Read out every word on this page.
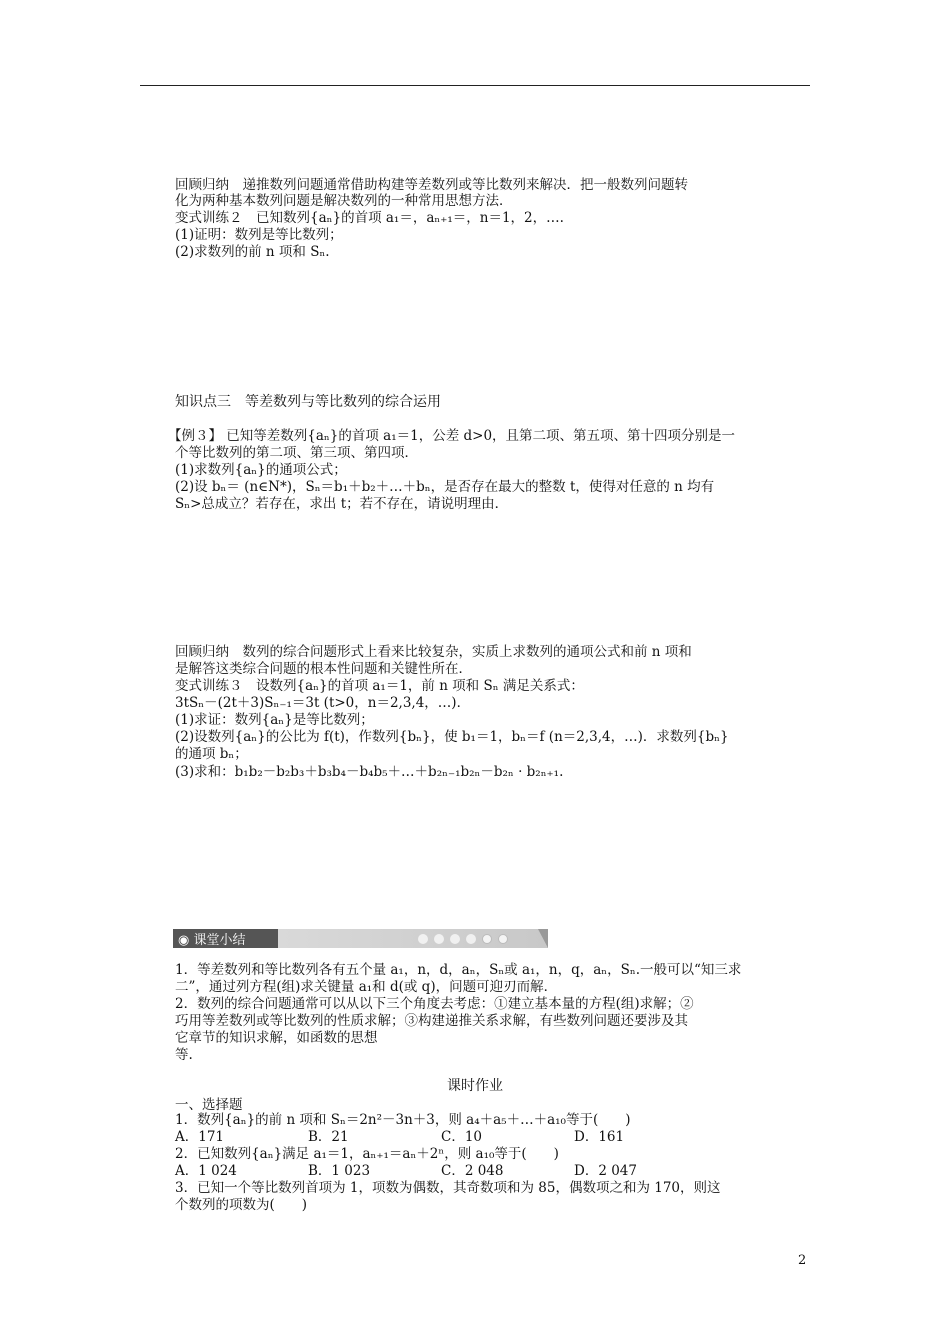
回顾归纳　递推数列问题通常借助构建等差数列或等比数列来解决．把一般数列问题转
化为两种基本数列问题是解决数列的一种常用思想方法．
变式训练２　已知数列{aₙ}的首项 a₁＝，aₙ₊₁＝，n＝1，2，….
(1)证明：数列是等比数列；
(2)求数列的前 n 项和 Sₙ.
知识点三　等差数列与等比数列的综合运用
【例３】 已知等差数列{aₙ}的首项 a₁＝1，公差 d>0，且第二项、第五项、第十四项分别是一
个等比数列的第二项、第三项、第四项．
(1)求数列{aₙ}的通项公式；
(2)设 bₙ＝ (n∈N*)，Sₙ＝b₁＋b₂＋…＋bₙ，是否存在最大的整数 t，使得对任意的 n 均有
Sₙ>总成立？若存在，求出 t；若不存在，请说明理由．
回顾归纳　数列的综合问题形式上看来比较复杂，实质上求数列的通项公式和前 n 项和
是解答这类综合问题的根本性问题和关键性所在．
变式训练３　设数列{aₙ}的首项 a₁＝1，前 n 项和 Sₙ 满足关系式：
3tSₙ－(2t＋3)Sₙ₋₁＝3t (t>0，n＝2,3,4，…)．
(1)求证：数列{aₙ}是等比数列；
(2)设数列{aₙ}的公比为 f(t)，作数列{bₙ}，使 b₁＝1，bₙ＝f (n＝2,3,4，…)．求数列{bₙ}
的通项 bₙ；
(3)求和：b₁b₂－b₂b₃＋b₃b₄－b₄b₅＋…＋b₂ₙ₋₁b₂ₙ－b₂ₙ · b₂ₙ₊₁.
◉ 课堂小结
1．等差数列和等比数列各有五个量 a₁，n，d，aₙ，Sₙ或 a₁，n，q，aₙ，Sₙ.一般可以“知三求
二”，通过列方程(组)求关键量 a₁和 d(或 q)，问题可迎刃而解．
2．数列的综合问题通常可以从以下三个角度去考虑：①建立基本量的方程(组)求解；②
巧用等差数列或等比数列的性质求解；③构建递推关系求解，有些数列问题还要涉及其
它章节的知识求解，如函数的思想
等.
课时作业
一、选择题
1．数列{aₙ}的前 n 项和 Sₙ＝2n²－3n＋3，则 a₄＋a₅＋…＋a₁₀等于(　　)
A．171	B．21	C．10	D．161
2．已知数列{aₙ}满足 a₁＝1，aₙ₊₁＝aₙ＋2ⁿ，则 a₁₀等于(　　)
A．1 024	B．1 023	C．2 048	D．2 047
3．已知一个等比数列首项为 1，项数为偶数，其奇数项和为 85，偶数项之和为 170，则这
个数列的项数为(　　)
2
